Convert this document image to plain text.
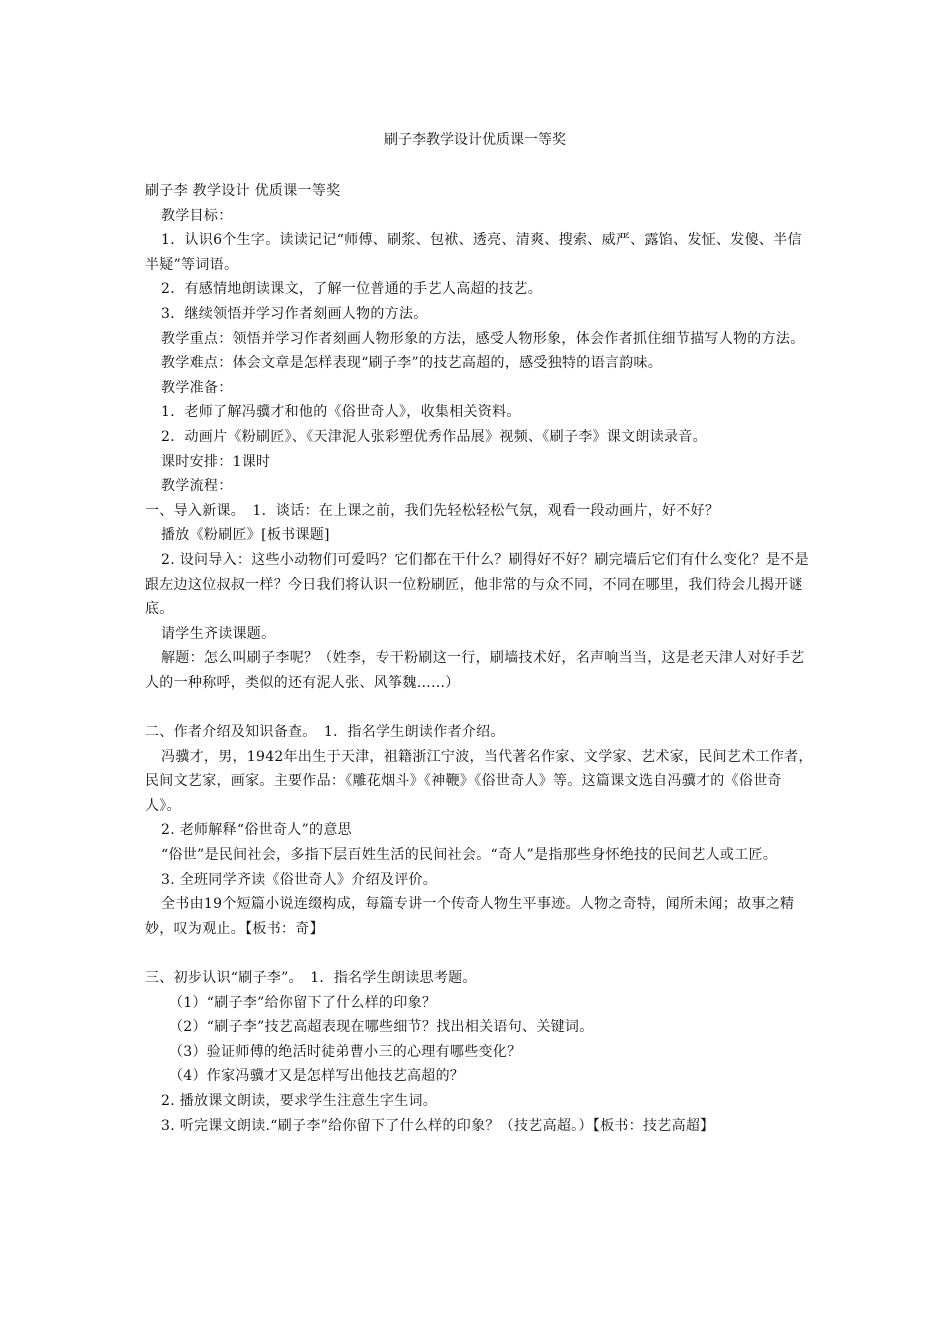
刷子李教学设计优质课一等奖

刷子李 教学设计 优质课一等奖

教学目标：

1．认识6个生字。读读记记“师傅、刷浆、包袱、透亮、清爽、搜索、威严、露馅、发怔、发傻、半信半疑”等词语。

2．有感情地朗读课文，了解一位普通的手艺人高超的技艺。

3．继续领悟并学习作者刻画人物的方法。

教学重点：领悟并学习作者刻画人物形象的方法，感受人物形象，体会作者抓住细节描写人物的方法。

教学难点：体会文章是怎样表现“刷子李”的技艺高超的，感受独特的语言韵味。

教学准备：

1．老师了解冯骥才和他的《俗世奇人》，收集相关资料。

2．动画片《粉刷匠》、《天津泥人张彩塑优秀作品展》视频、《刷子李》课文朗读录音。

课时安排：1课时

教学流程：

一、导入新课。　1．谈话：在上课之前，我们先轻松轻松气氛，观看一段动画片，好不好？

播放《粉刷匠》[板书课题]

2. 设问导入：这些小动物们可爱吗？它们都在干什么？刷得好不好？刷完墙后它们有什么变化？是不是跟左边这位叔叔一样？今日我们将认识一位粉刷匠，他非常的与众不同，不同在哪里，我们待会儿揭开谜底。

请学生齐读课题。

解题：怎么叫刷子李呢？（姓李，专干粉刷这一行，刷墙技术好，名声响当当，这是老天津人对好手艺人的一种称呼，类似的还有泥人张、风筝魏……）

二、作者介绍及知识备查。　1．指名学生朗读作者介绍。

冯骥才，男，1942年出生于天津，祖籍浙江宁波，当代著名作家、文学家、艺术家，民间艺术工作者，民间文艺家，画家。主要作品：《雕花烟斗》《神鞭》《俗世奇人》等。这篇课文选自冯骥才的《俗世奇人》。

2. 老师解释“俗世奇人”的意思

“俗世”是民间社会，多指下层百姓生活的民间社会。“奇人”是指那些身怀绝技的民间艺人或工匠。

3. 全班同学齐读《俗世奇人》介绍及评价。

全书由19个短篇小说连缀构成，每篇专讲一个传奇人物生平事迹。人物之奇特，闻所未闻；故事之精妙，叹为观止。【板书：奇】

三、初步认识“刷子李”。　1．指名学生朗读思考题。

（1）“刷子李”给你留下了什么样的印象？

（2）“刷子李”技艺高超表现在哪些细节？找出相关语句、关键词。

（3）验证师傅的绝活时徒弟曹小三的心理有哪些变化？

（4）作家冯骥才又是怎样写出他技艺高超的？

2. 播放课文朗读，要求学生注意生字生词。

3. 听完课文朗读.“刷子李”给你留下了什么样的印象？（技艺高超。）【板书：技艺高超】
